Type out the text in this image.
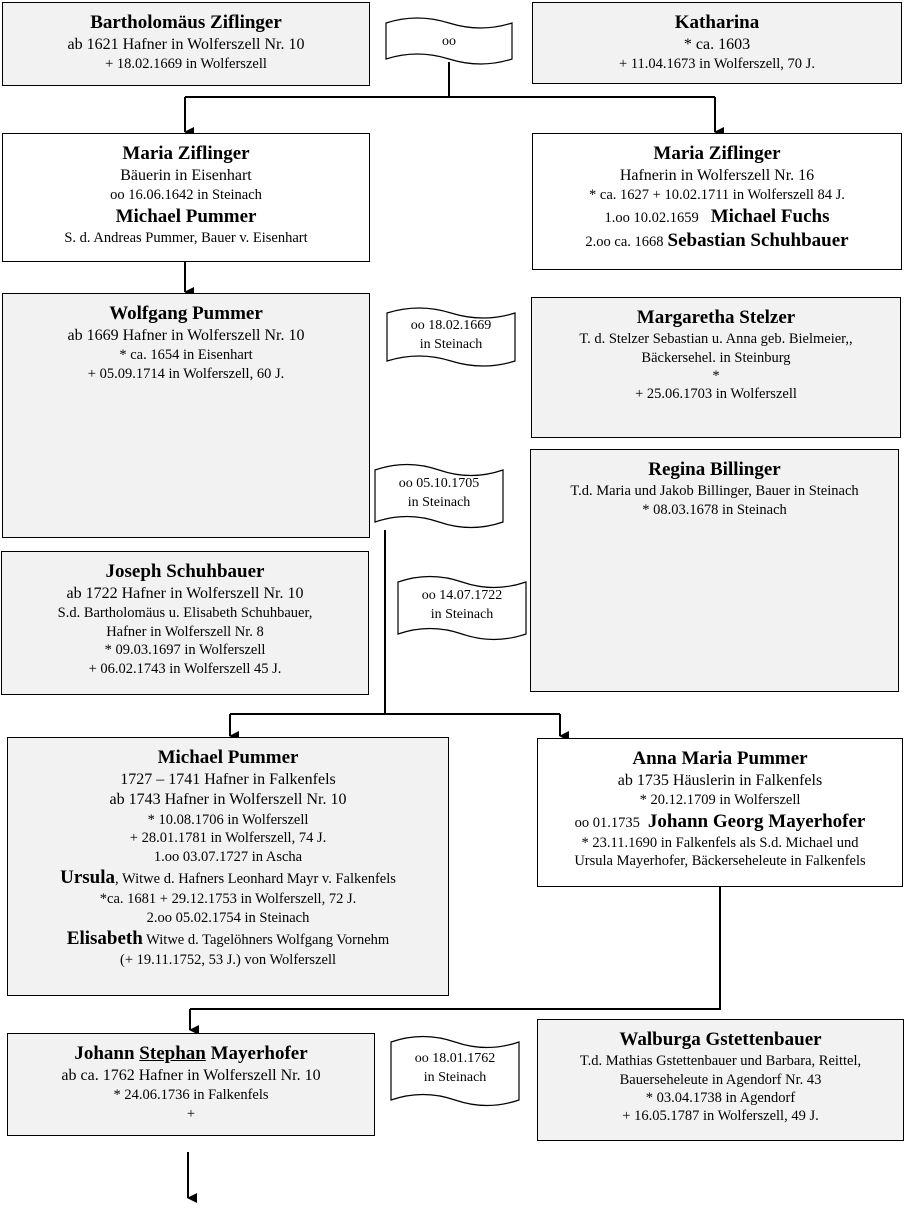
Bartholomäus Ziflinger
ab 1621 Hafner in Wolferszell Nr. 10
+ 18.02.1669 in Wolferszell
oo
Katharina
* ca. 1603
+ 11.04.1673 in Wolferszell, 70 J.
Maria Ziflinger
Bäuerin in Eisenhart
oo 16.06.1642 in Steinach
Michael Pummer
S. d. Andreas Pummer, Bauer v. Eisenhart
Maria Ziflinger
Hafnerin in Wolferszell Nr. 16
* ca. 1627 + 10.02.1711 in Wolferszell 84 J.
1.oo 10.02.1659 Michael Fuchs
2.oo ca. 1668 Sebastian Schuhbauer
Wolfgang Pummer
ab 1669 Hafner in Wolferszell Nr. 10
* ca. 1654 in Eisenhart
+ 05.09.1714 in Wolferszell, 60 J.
oo 18.02.1669
in Steinach
Margaretha Stelzer
T. d. Stelzer Sebastian u. Anna geb. Bielmeier,,
Bäckersehel. in Steinburg
*
+ 25.06.1703 in Wolferszell
oo 05.10.1705
in Steinach
Regina Billinger
T.d. Maria und Jakob Billinger, Bauer in Steinach
* 08.03.1678 in Steinach
Joseph Schuhbauer
ab 1722 Hafner in Wolferszell Nr. 10
S.d. Bartholomäus u. Elisabeth Schuhbauer,
Hafner in Wolferszell Nr. 8
* 09.03.1697 in Wolferszell
+ 06.02.1743 in Wolferszell 45 J.
oo 14.07.1722
in Steinach
Michael Pummer
1727 – 1741 Hafner in Falkenfels
ab 1743 Hafner in Wolferszell Nr. 10
* 10.08.1706 in Wolferszell
+ 28.01.1781 in Wolferszell, 74 J.
1.oo 03.07.1727 in Ascha
Ursula, Witwe d. Hafners Leonhard Mayr v. Falkenfels
*ca. 1681 + 29.12.1753 in Wolferszell, 72 J.
2.oo 05.02.1754 in Steinach
Elisabeth Witwe d. Tagelöhners Wolfgang Vornehm
(+ 19.11.1752, 53 J.) von Wolferszell
Anna Maria Pummer
ab 1735 Häuslerin in Falkenfels
* 20.12.1709 in Wolferszell
oo 01.1735 Johann Georg Mayerhofer
* 23.11.1690 in Falkenfels als S.d. Michael und
Ursula Mayerhofer, Bäckerseheleute in Falkenfels
Johann Stephan Mayerhofer
ab ca. 1762 Hafner in Wolferszell Nr. 10
* 24.06.1736 in Falkenfels
+
oo 18.01.1762
in Steinach
Walburga Gstettenbauer
T.d. Mathias Gstettenbauer und Barbara, Reittel,
Bauerseheleute in Agendorf Nr. 43
* 03.04.1738 in Agendorf
+ 16.05.1787 in Wolferszell, 49 J.
